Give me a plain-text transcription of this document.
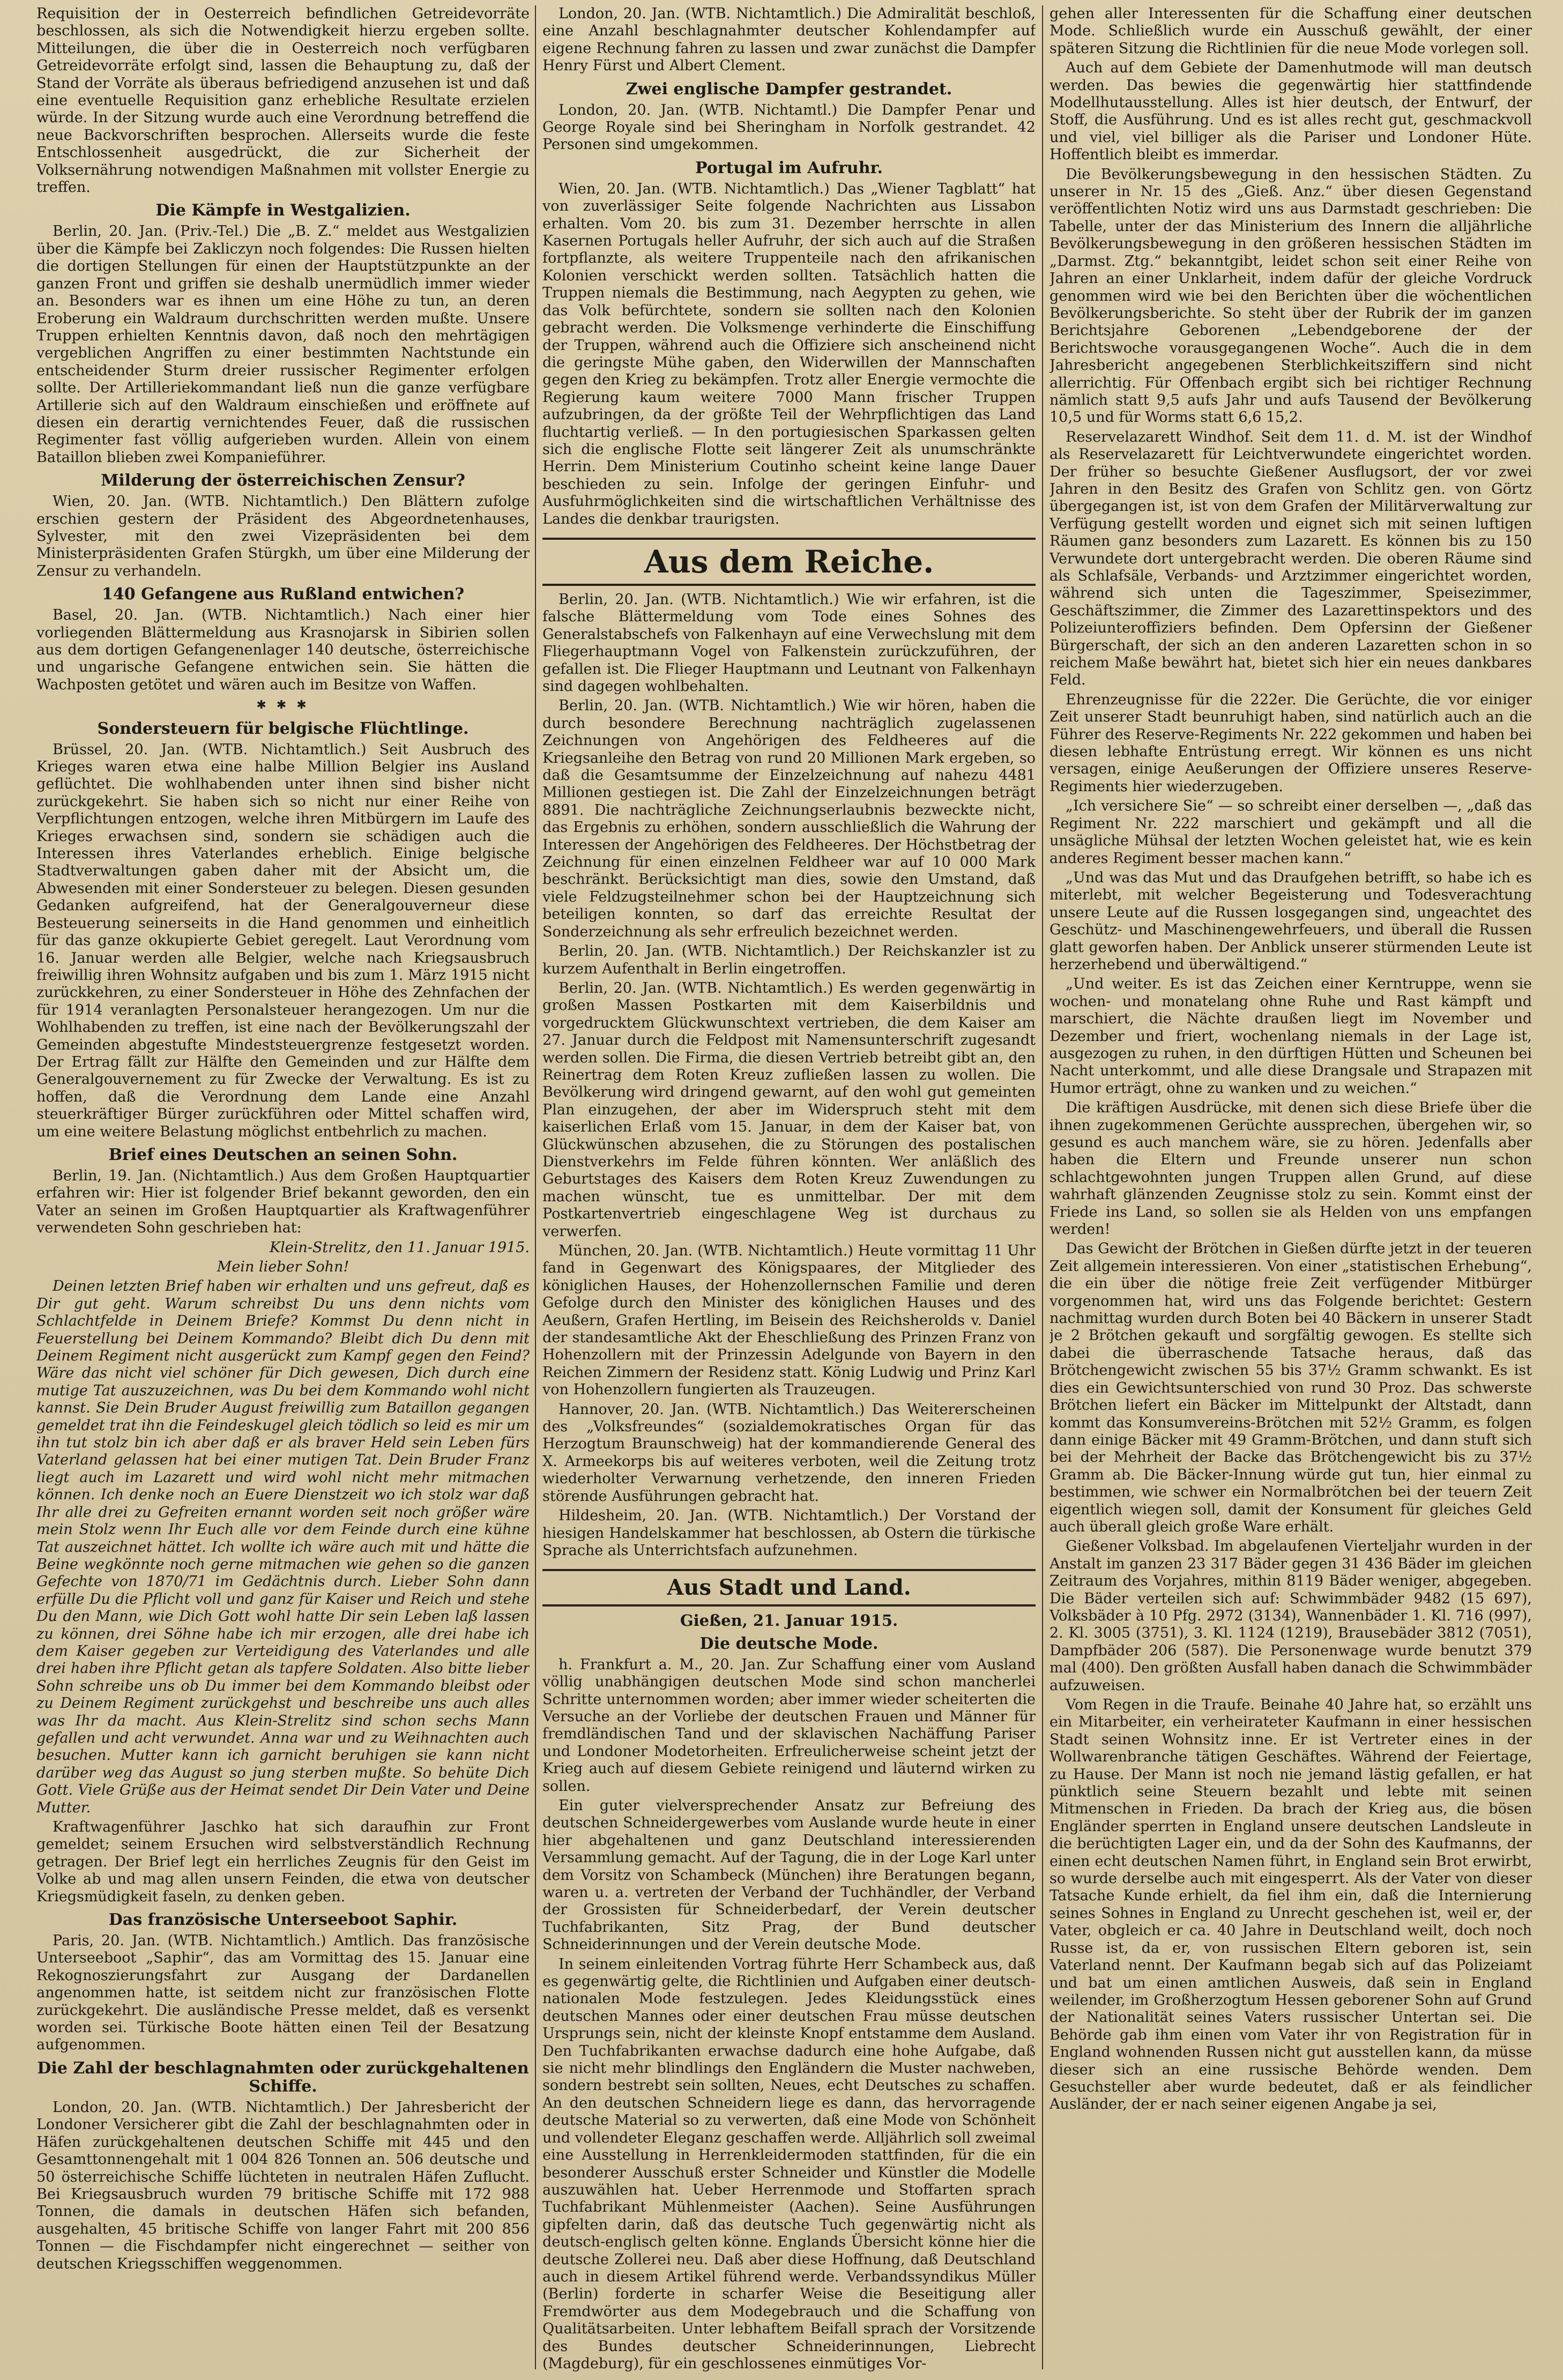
Requisition der in Oesterreich befindlichen Getreidevorräte beschlossen, als sich die Notwendigkeit hierzu ergeben sollte. Mitteilungen, die über die in Oesterreich noch verfügbaren Getreidevorräte erfolgt sind, lassen die Behauptung zu, daß der Stand der Vorräte als überaus befriedigend anzusehen ist und daß eine eventuelle Requisition ganz erhebliche Resultate erzielen würde. In der Sitzung wurde auch eine Verordnung betreffend die neue Backvorschriften besprochen. Allerseits wurde die feste Entschlossenheit ausgedrückt, die zur Sicherheit der Volksernährung notwendigen Maßnahmen mit vollster Energie zu treffen.

Die Kämpfe in Westgalizien.

Berlin, 20. Jan. (Priv.-Tel.) Die „B. Z.“ meldet aus Westgalizien über die Kämpfe bei Zakliczyn noch folgendes: Die Russen hielten die dortigen Stellungen für einen der Hauptstützpunkte an der ganzen Front und griffen sie deshalb unermüdlich immer wieder an. Besonders war es ihnen um eine Höhe zu tun, an deren Eroberung ein Waldraum durchschritten werden mußte. Unsere Truppen erhielten Kenntnis davon, daß noch den mehrtägigen vergeblichen Angriffen zu einer bestimmten Nachtstunde ein entscheidender Sturm dreier russischer Regimenter erfolgen sollte. Der Artilleriekommandant ließ nun die ganze verfügbare Artillerie sich auf den Waldraum einschießen und eröffnete auf diesen ein derartig vernichtendes Feuer, daß die russischen Regimenter fast völlig aufgerieben wurden. Allein von einem Bataillon blieben zwei Kompanieführer.

Milderung der österreichischen Zensur?

Wien, 20. Jan. (WTB. Nichtamtlich.) Den Blättern zufolge erschien gestern der Präsident des Abgeordnetenhauses, Sylvester, mit den zwei Vizepräsidenten bei dem Ministerpräsidenten Grafen Stürgkh, um über eine Milderung der Zensur zu verhandeln.

140 Gefangene aus Rußland entwichen?

Basel, 20. Jan. (WTB. Nichtamtlich.) Nach einer hier vorliegenden Blättermeldung aus Krasnojarsk in Sibirien sollen aus dem dortigen Gefangenenlager 140 deutsche, österreichische und ungarische Gefangene entwichen sein. Sie hätten die Wachposten getötet und wären auch im Besitze von Waffen.

✱ ✱ ✱
Sondersteuern für belgische Flüchtlinge.

Brüssel, 20. Jan. (WTB. Nichtamtlich.) Seit Ausbruch des Krieges waren etwa eine halbe Million Belgier ins Ausland geflüchtet. Die wohlhabenden unter ihnen sind bisher nicht zurückgekehrt. Sie haben sich so nicht nur einer Reihe von Verpflichtungen entzogen, welche ihren Mitbürgern im Laufe des Krieges erwachsen sind, sondern sie schädigen auch die Interessen ihres Vaterlandes erheblich. Einige belgische Stadtverwaltungen gaben daher mit der Absicht um, die Abwesenden mit einer Sondersteuer zu belegen. Diesen gesunden Gedanken aufgreifend, hat der Generalgouverneur diese Besteuerung seinerseits in die Hand genommen und einheitlich für das ganze okkupierte Gebiet geregelt. Laut Verordnung vom 16. Januar werden alle Belgier, welche nach Kriegsausbruch freiwillig ihren Wohnsitz aufgaben und bis zum 1. März 1915 nicht zurückkehren, zu einer Sondersteuer in Höhe des Zehnfachen der für 1914 veranlagten Personalsteuer herangezogen. Um nur die Wohlhabenden zu treffen, ist eine nach der Bevölkerungszahl der Gemeinden abgestufte Mindeststeuergrenze festgesetzt worden. Der Ertrag fällt zur Hälfte den Gemeinden und zur Hälfte dem Generalgouvernement zu für Zwecke der Verwaltung. Es ist zu hoffen, daß die Verordnung dem Lande eine Anzahl steuerkräftiger Bürger zurückführen oder Mittel schaffen wird, um eine weitere Belastung möglichst entbehrlich zu machen.

Brief eines Deutschen an seinen Sohn.

Berlin, 19. Jan. (Nichtamtlich.) Aus dem Großen Hauptquartier erfahren wir: Hier ist folgender Brief bekannt geworden, den ein Vater an seinen im Großen Hauptquartier als Kraftwagenführer verwendeten Sohn geschrieben hat:

Klein-Strelitz, den 11. Januar 1915.

Mein lieber Sohn!

Deinen letzten Brief haben wir erhalten und uns gefreut, daß es Dir gut geht. Warum schreibst Du uns denn nichts vom Schlachtfelde in Deinem Briefe? Kommst Du denn nicht in Feuerstellung bei Deinem Kommando? Bleibt dich Du denn mit Deinem Regiment nicht ausgerückt zum Kampf gegen den Feind? Wäre das nicht viel schöner für Dich gewesen, Dich durch eine mutige Tat auszuzeichnen, was Du bei dem Kommando wohl nicht kannst. Sie Dein Bruder August freiwillig zum Bataillon gegangen gemeldet trat ihn die Feindeskugel gleich tödlich so leid es mir um ihn tut stolz bin ich aber daß er als braver Held sein Leben fürs Vaterland gelassen hat bei einer mutigen Tat. Dein Bruder Franz liegt auch im Lazarett und wird wohl nicht mehr mitmachen können. Ich denke noch an Euere Dienstzeit wo ich stolz war daß Ihr alle drei zu Gefreiten ernannt worden seit noch größer wäre mein Stolz wenn Ihr Euch alle vor dem Feinde durch eine kühne Tat auszeichnet hättet. Ich wollte ich wäre auch mit und hätte die Beine wegkönnte noch gerne mitmachen wie gehen so die ganzen Gefechte von 1870/71 im Gedächtnis durch. Lieber Sohn dann erfülle Du die Pflicht voll und ganz für Kaiser und Reich und stehe Du den Mann, wie Dich Gott wohl hatte Dir sein Leben laß lassen zu können, drei Söhne habe ich mir erzogen, alle drei habe ich dem Kaiser gegeben zur Verteidigung des Vaterlandes und alle drei haben ihre Pflicht getan als tapfere Soldaten. Also bitte lieber Sohn schreibe uns ob Du immer bei dem Kommando bleibst oder zu Deinem Regiment zurückgehst und beschreibe uns auch alles was Ihr da macht. Aus Klein-Strelitz sind schon sechs Mann gefallen und acht verwundet. Anna war und zu Weihnachten auch besuchen. Mutter kann ich garnicht beruhigen sie kann nicht darüber weg das August so jung sterben mußte. So behüte Dich Gott. Viele Grüße aus der Heimat sendet Dir Dein Vater und Deine Mutter.

Kraftwagenführer Jaschko hat sich daraufhin zur Front gemeldet; seinem Ersuchen wird selbstverständlich Rechnung getragen. Der Brief legt ein herrliches Zeugnis für den Geist im Volke ab und mag allen unsern Feinden, die etwa von deutscher Kriegsmüdigkeit faseln, zu denken geben.

Das französische Unterseeboot Saphir.

Paris, 20. Jan. (WTB. Nichtamtlich.) Amtlich. Das französische Unterseeboot „Saphir“, das am Vormittag des 15. Januar eine Rekognoszierungsfahrt zur Ausgang der Dardanellen angenommen hatte, ist seitdem nicht zur französischen Flotte zurückgekehrt. Die ausländische Presse meldet, daß es versenkt worden sei. Türkische Boote hätten einen Teil der Besatzung aufgenommen.

Die Zahl der beschlagnahmten oder zurückgehaltenen Schiffe.

London, 20. Jan. (WTB. Nichtamtlich.) Der Jahresbericht der Londoner Versicherer gibt die Zahl der beschlagnahmten oder in Häfen zurückgehaltenen deutschen Schiffe mit 445 und den Gesamttonnengehalt mit 1 004 826 Tonnen an. 506 deutsche und 50 österreichische Schiffe lüchteten in neutralen Häfen Zuflucht. Bei Kriegsausbruch wurden 79 britische Schiffe mit 172 988 Tonnen, die damals in deutschen Häfen sich befanden, ausgehalten, 45 britische Schiffe von langer Fahrt mit 200 856 Tonnen — die Fischdampfer nicht eingerechnet — seither von deutschen Kriegsschiffen weggenommen.

London, 20. Jan. (WTB. Nichtamtlich.) Die Admiralität beschloß, eine Anzahl beschlagnahmter deutscher Kohlendampfer auf eigene Rechnung fahren zu lassen und zwar zunächst die Dampfer Henry Fürst und Albert Clement.

Zwei englische Dampfer gestrandet.

London, 20. Jan. (WTB. Nichtamtl.) Die Dampfer Penar und George Royale sind bei Sheringham in Norfolk gestrandet. 42 Personen sind umgekommen.

Portugal im Aufruhr.

Wien, 20. Jan. (WTB. Nichtamtlich.) Das „Wiener Tagblatt“ hat von zuverlässiger Seite folgende Nachrichten aus Lissabon erhalten. Vom 20. bis zum 31. Dezember herrschte in allen Kasernen Portugals heller Aufruhr, der sich auch auf die Straßen fortpflanzte, als weitere Truppenteile nach den afrikanischen Kolonien verschickt werden sollten. Tatsächlich hatten die Truppen niemals die Bestimmung, nach Aegypten zu gehen, wie das Volk befürchtete, sondern sie sollten nach den Kolonien gebracht werden. Die Volksmenge verhinderte die Einschiffung der Truppen, während auch die Offiziere sich anscheinend nicht die geringste Mühe gaben, den Widerwillen der Mannschaften gegen den Krieg zu bekämpfen. Trotz aller Energie vermochte die Regierung kaum weitere 7000 Mann frischer Truppen aufzubringen, da der größte Teil der Wehrpflichtigen das Land fluchtartig verließ. — In den portugiesischen Sparkassen gelten sich die englische Flotte seit längerer Zeit als unumschränkte Herrin. Dem Ministerium Coutinho scheint keine lange Dauer beschieden zu sein. Infolge der geringen Einfuhr- und Ausfuhrmöglichkeiten sind die wirtschaftlichen Verhältnisse des Landes die denkbar traurigsten.

Aus dem Reiche.

Berlin, 20. Jan. (WTB. Nichtamtlich.) Wie wir erfahren, ist die falsche Blättermeldung vom Tode eines Sohnes des Generalstabschefs von Falkenhayn auf eine Verwechslung mit dem Fliegerhauptmann Vogel von Falkenstein zurückzuführen, der gefallen ist. Die Flieger Hauptmann und Leutnant von Falkenhayn sind dagegen wohlbehalten.

Berlin, 20. Jan. (WTB. Nichtamtlich.) Wie wir hören, haben die durch besondere Berechnung nachträglich zugelassenen Zeichnungen von Angehörigen des Feldheeres auf die Kriegsanleihe den Betrag von rund 20 Millionen Mark ergeben, so daß die Gesamtsumme der Einzelzeichnung auf nahezu 4481 Millionen gestiegen ist. Die Zahl der Einzelzeichnungen beträgt 8891. Die nachträgliche Zeichnungserlaubnis bezweckte nicht, das Ergebnis zu erhöhen, sondern ausschließlich die Wahrung der Interessen der Angehörigen des Feldheeres. Der Höchstbetrag der Zeichnung für einen einzelnen Feldheer war auf 10 000 Mark beschränkt. Berücksichtigt man dies, sowie den Umstand, daß viele Feldzugsteilnehmer schon bei der Hauptzeichnung sich beteiligen konnten, so darf das erreichte Resultat der Sonderzeichnung als sehr erfreulich bezeichnet werden.

Berlin, 20. Jan. (WTB. Nichtamtlich.) Der Reichskanzler ist zu kurzem Aufenthalt in Berlin eingetroffen.

Berlin, 20. Jan. (WTB. Nichtamtlich.) Es werden gegenwärtig in großen Massen Postkarten mit dem Kaiserbildnis und vorgedrucktem Glückwunschtext vertrieben, die dem Kaiser am 27. Januar durch die Feldpost mit Namensunterschrift zugesandt werden sollen. Die Firma, die diesen Vertrieb betreibt gibt an, den Reinertrag dem Roten Kreuz zufließen lassen zu wollen. Die Bevölkerung wird dringend gewarnt, auf den wohl gut gemeinten Plan einzugehen, der aber im Widerspruch steht mit dem kaiserlichen Erlaß vom 15. Januar, in dem der Kaiser bat, von Glückwünschen abzusehen, die zu Störungen des postalischen Dienstverkehrs im Felde führen könnten. Wer anläßlich des Geburtstages des Kaisers dem Roten Kreuz Zuwendungen zu machen wünscht, tue es unmittelbar. Der mit dem Postkartenvertrieb eingeschlagene Weg ist durchaus zu verwerfen.

München, 20. Jan. (WTB. Nichtamtlich.) Heute vormittag 11 Uhr fand in Gegenwart des Königspaares, der Mitglieder des königlichen Hauses, der Hohenzollernschen Familie und deren Gefolge durch den Minister des königlichen Hauses und des Aeußern, Grafen Hertling, im Beisein des Reichsherolds v. Daniel der standesamtliche Akt der Eheschließung des Prinzen Franz von Hohenzollern mit der Prinzessin Adelgunde von Bayern in den Reichen Zimmern der Residenz statt. König Ludwig und Prinz Karl von Hohenzollern fungierten als Trauzeugen.

Hannover, 20. Jan. (WTB. Nichtamtlich.) Das Weitererscheinen des „Volksfreundes“ (sozialdemokratisches Organ für das Herzogtum Braunschweig) hat der kommandierende General des X. Armeekorps bis auf weiteres verboten, weil die Zeitung trotz wiederholter Verwarnung verhetzende, den inneren Frieden störende Ausführungen gebracht hat.

Hildesheim, 20. Jan. (WTB. Nichtamtlich.) Der Vorstand der hiesigen Handelskammer hat beschlossen, ab Ostern die türkische Sprache als Unterrichtsfach aufzunehmen.

Aus Stadt und Land.
Gießen, 21. Januar 1915.
Die deutsche Mode.

h. Frankfurt a. M., 20. Jan. Zur Schaffung einer vom Ausland völlig unabhängigen deutschen Mode sind schon mancherlei Schritte unternommen worden; aber immer wieder scheiterten die Versuche an der Vorliebe der deutschen Frauen und Männer für fremdländischen Tand und der sklavischen Nachäffung Pariser und Londoner Modetorheiten. Erfreulicherweise scheint jetzt der Krieg auch auf diesem Gebiete reinigend und läuternd wirken zu sollen.

Ein guter vielversprechender Ansatz zur Befreiung des deutschen Schneidergewerbes vom Auslande wurde heute in einer hier abgehaltenen und ganz Deutschland interessierenden Versammlung gemacht. Auf der Tagung, die in der Loge Karl unter dem Vorsitz von Schambeck (München) ihre Beratungen begann, waren u. a. vertreten der Verband der Tuchhändler, der Verband der Grossisten für Schneiderbedarf, der Verein deutscher Tuchfabrikanten, Sitz Prag, der Bund deutscher Schneiderinnungen und der Verein deutsche Mode.

In seinem einleitenden Vortrag führte Herr Schambeck aus, daß es gegenwärtig gelte, die Richtlinien und Aufgaben einer deutsch-nationalen Mode festzulegen. Jedes Kleidungsstück eines deutschen Mannes oder einer deutschen Frau müsse deutschen Ursprungs sein, nicht der kleinste Knopf entstamme dem Ausland. Den Tuchfabrikanten erwachse dadurch eine hohe Aufgabe, daß sie nicht mehr blindlings den Engländern die Muster nachweben, sondern bestrebt sein sollten, Neues, echt Deutsches zu schaffen. An den deutschen Schneidern liege es dann, das hervorragende deutsche Material so zu verwerten, daß eine Mode von Schönheit und vollendeter Eleganz geschaffen werde. Alljährlich soll zweimal eine Ausstellung in Herrenkleidermoden stattfinden, für die ein besonderer Ausschuß erster Schneider und Künstler die Modelle auszuwählen hat. Ueber Herrenmode und Stoffarten sprach Tuchfabrikant Mühlenmeister (Aachen). Seine Ausführungen gipfelten darin, daß das deutsche Tuch gegenwärtig nicht als deutsch-englisch gelten könne. Englands Übersicht könne hier die deutsche Zollerei neu. Daß aber diese Hoffnung, daß Deutschland auch in diesem Artikel führend werde. Verbandssyndikus Müller (Berlin) forderte in scharfer Weise die Beseitigung aller Fremdwörter aus dem Modegebrauch und die Schaffung von Qualitätsarbeiten. Unter lebhaftem Beifall sprach der Vorsitzende des Bundes deutscher Schneiderinnungen, Liebrecht (Magdeburg), für ein geschlossenes einmütiges Vor-

gehen aller Interessenten für die Schaffung einer deutschen Mode. Schließlich wurde ein Ausschuß gewählt, der einer späteren Sitzung die Richtlinien für die neue Mode vorlegen soll.

Auch auf dem Gebiete der Damenhutmode will man deutsch werden. Das bewies die gegenwärtig hier stattfindende Modellhutausstellung. Alles ist hier deutsch, der Entwurf, der Stoff, die Ausführung. Und es ist alles recht gut, geschmackvoll und viel, viel billiger als die Pariser und Londoner Hüte. Hoffentlich bleibt es immerdar.

Die Bevölkerungsbewegung in den hessischen Städten. Zu unserer in Nr. 15 des „Gieß. Anz.“ über diesen Gegenstand veröffentlichten Notiz wird uns aus Darmstadt geschrieben: Die Tabelle, unter der das Ministerium des Innern die alljährliche Bevölkerungsbewegung in den größeren hessischen Städten im „Darmst. Ztg.“ bekanntgibt, leidet schon seit einer Reihe von Jahren an einer Unklarheit, indem dafür der gleiche Vordruck genommen wird wie bei den Berichten über die wöchentlichen Bevölkerungsberichte. So steht über der Rubrik der im ganzen Berichtsjahre Geborenen „Lebendgeborene der der Berichtswoche vorausgegangenen Woche“. Auch die in dem Jahresbericht angegebenen Sterblichkeitsziffern sind nicht allerrichtig. Für Offenbach ergibt sich bei richtiger Rechnung nämlich statt 9,5 aufs Jahr und aufs Tausend der Bevölkerung 10,5 und für Worms statt 6,6 15,2.

Reservelazarett Windhof. Seit dem 11. d. M. ist der Windhof als Reservelazarett für Leichtverwundete eingerichtet worden. Der früher so besuchte Gießener Ausflugsort, der vor zwei Jahren in den Besitz des Grafen von Schlitz gen. von Görtz übergegangen ist, ist von dem Grafen der Militärverwaltung zur Verfügung gestellt worden und eignet sich mit seinen luftigen Räumen ganz besonders zum Lazarett. Es können bis zu 150 Verwundete dort untergebracht werden. Die oberen Räume sind als Schlafsäle, Verbands- und Arztzimmer eingerichtet worden, während sich unten die Tageszimmer, Speisezimmer, Geschäftszimmer, die Zimmer des Lazarettinspektors und des Polizeiunteroffiziers befinden. Dem Opfersinn der Gießener Bürgerschaft, der sich an den anderen Lazaretten schon in so reichem Maße bewährt hat, bietet sich hier ein neues dankbares Feld.

Ehrenzeugnisse für die 222er. Die Gerüchte, die vor einiger Zeit unserer Stadt beunruhigt haben, sind natürlich auch an die Führer des Reserve-Regiments Nr. 222 gekommen und haben bei diesen lebhafte Entrüstung erregt. Wir können es uns nicht versagen, einige Aeußerungen der Offiziere unseres Reserve-Regiments hier wiederzugeben.

„Ich versichere Sie“ — so schreibt einer derselben —, „daß das Regiment Nr. 222 marschiert und gekämpft und all die unsägliche Mühsal der letzten Wochen geleistet hat, wie es kein anderes Regiment besser machen kann.“

„Und was das Mut und das Draufgehen betrifft, so habe ich es miterlebt, mit welcher Begeisterung und Todesverachtung unsere Leute auf die Russen losgegangen sind, ungeachtet des Geschütz- und Maschinengewehrfeuers, und überall die Russen glatt geworfen haben. Der Anblick unserer stürmenden Leute ist herzerhebend und überwältigend.“

„Und weiter. Es ist das Zeichen einer Kerntruppe, wenn sie wochen- und monatelang ohne Ruhe und Rast kämpft und marschiert, die Nächte draußen liegt im November und Dezember und friert, wochenlang niemals in der Lage ist, ausgezogen zu ruhen, in den dürftigen Hütten und Scheunen bei Nacht unterkommt, und alle diese Drangsale und Strapazen mit Humor erträgt, ohne zu wanken und zu weichen.“

Die kräftigen Ausdrücke, mit denen sich diese Briefe über die ihnen zugekommenen Gerüchte aussprechen, übergehen wir, so gesund es auch manchem wäre, sie zu hören. Jedenfalls aber haben die Eltern und Freunde unserer nun schon schlachtgewohnten jungen Truppen allen Grund, auf diese wahrhaft glänzenden Zeugnisse stolz zu sein. Kommt einst der Friede ins Land, so sollen sie als Helden von uns empfangen werden!

Das Gewicht der Brötchen in Gießen dürfte jetzt in der teueren Zeit allgemein interessieren. Von einer „statistischen Erhebung“, die ein über die nötige freie Zeit verfügender Mitbürger vorgenommen hat, wird uns das Folgende berichtet: Gestern nachmittag wurden durch Boten bei 40 Bäckern in unserer Stadt je 2 Brötchen gekauft und sorgfältig gewogen. Es stellte sich dabei die überraschende Tatsache heraus, daß das Brötchengewicht zwischen 55 bis 37½ Gramm schwankt. Es ist dies ein Gewichtsunterschied von rund 30 Proz. Das schwerste Brötchen liefert ein Bäcker im Mittelpunkt der Altstadt, dann kommt das Konsumvereins-Brötchen mit 52½ Gramm, es folgen dann einige Bäcker mit 49 Gramm-Brötchen, und dann stuft sich bei der Mehrheit der Backe das Brötchengewicht bis zu 37½ Gramm ab. Die Bäcker-Innung würde gut tun, hier einmal zu bestimmen, wie schwer ein Normalbrötchen bei der teuern Zeit eigentlich wiegen soll, damit der Konsument für gleiches Geld auch überall gleich große Ware erhält.

Gießener Volksbad. Im abgelaufenen Vierteljahr wurden in der Anstalt im ganzen 23 317 Bäder gegen 31 436 Bäder im gleichen Zeitraum des Vorjahres, mithin 8119 Bäder weniger, abgegeben. Die Bäder verteilen sich auf: Schwimmbäder 9482 (15 697), Volksbäder à 10 Pfg. 2972 (3134), Wannenbäder 1. Kl. 716 (997), 2. Kl. 3005 (3751), 3. Kl. 1124 (1219), Brausebäder 3812 (7051), Dampfbäder 206 (587). Die Personenwage wurde benutzt 379 mal (400). Den größten Ausfall haben danach die Schwimmbäder aufzuweisen.

Vom Regen in die Traufe. Beinahe 40 Jahre hat, so erzählt uns ein Mitarbeiter, ein verheirateter Kaufmann in einer hessischen Stadt seinen Wohnsitz inne. Er ist Vertreter eines in der Wollwarenbranche tätigen Geschäftes. Während der Feiertage, zu Hause. Der Mann ist noch nie jemand lästig gefallen, er hat pünktlich seine Steuern bezahlt und lebte mit seinen Mitmenschen in Frieden. Da brach der Krieg aus, die bösen Engländer sperrten in England unsere deutschen Landsleute in die berüchtigten Lager ein, und da der Sohn des Kaufmanns, der einen echt deutschen Namen führt, in England sein Brot erwirbt, so wurde derselbe auch mit eingesperrt. Als der Vater von dieser Tatsache Kunde erhielt, da fiel ihm ein, daß die Internierung seines Sohnes in England zu Unrecht geschehen ist, weil er, der Vater, obgleich er ca. 40 Jahre in Deutschland weilt, doch noch Russe ist, da er, von russischen Eltern geboren ist, sein Vaterland nennt. Der Kaufmann begab sich auf das Polizeiamt und bat um einen amtlichen Ausweis, daß sein in England weilender, im Großherzogtum Hessen geborener Sohn auf Grund der Nationalität seines Vaters russischer Untertan sei. Die Behörde gab ihm einen vom Vater ihr von Registration für in England wohnenden Russen nicht gut ausstellen kann, da müsse dieser sich an eine russische Behörde wenden. Dem Gesuchsteller aber wurde bedeutet, daß er als feindlicher Ausländer, der er nach seiner eigenen Angabe ja sei,
